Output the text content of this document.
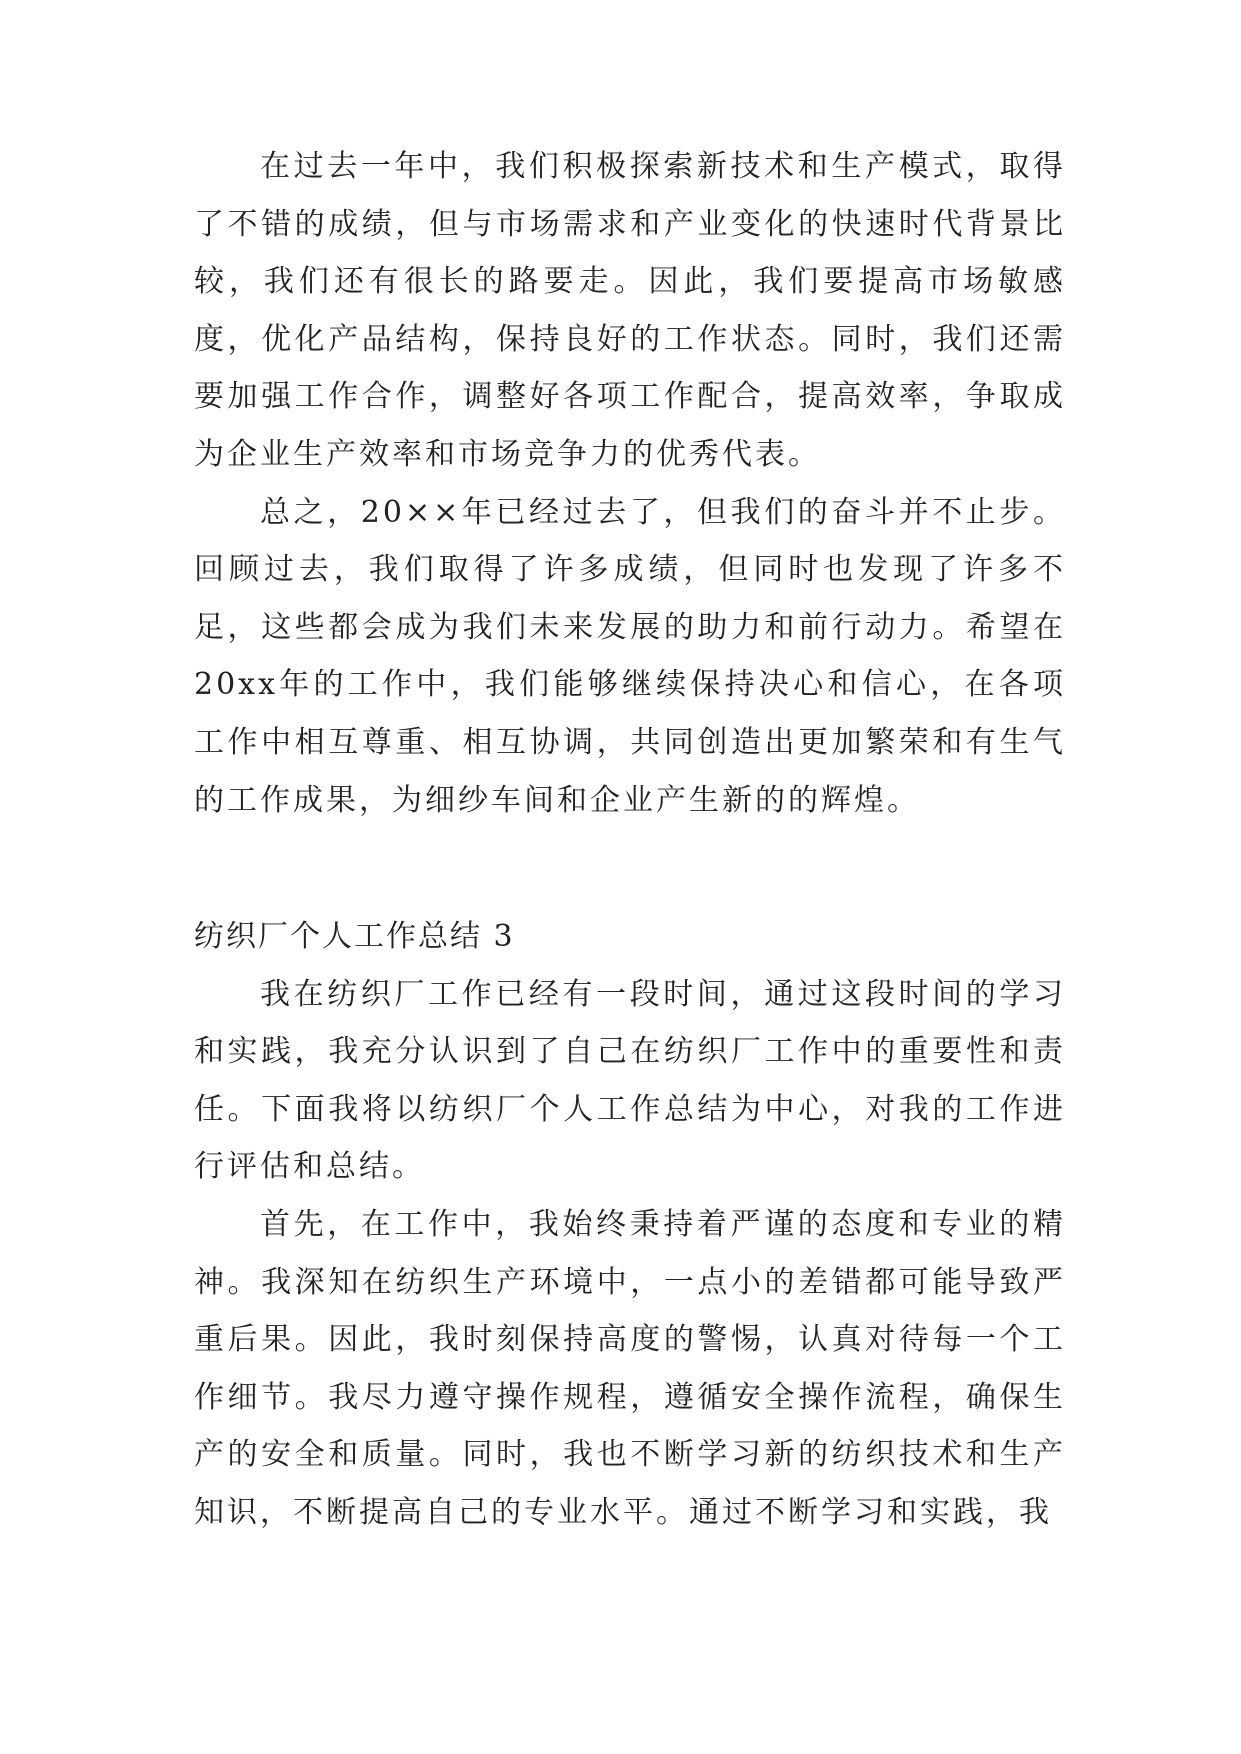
在过去一年中，我们积极探索新技术和生产模式，取得了不错的成绩，但与市场需求和产业变化的快速时代背景比较，我们还有很长的路要走。因此，我们要提高市场敏感度，优化产品结构，保持良好的工作状态。同时，我们还需要加强工作合作，调整好各项工作配合，提高效率，争取成为企业生产效率和市场竞争力的优秀代表。

总之，20××年已经过去了，但我们的奋斗并不止步。回顾过去，我们取得了许多成绩，但同时也发现了许多不足，这些都会成为我们未来发展的助力和前行动力。希望在20xx年的工作中，我们能够继续保持决心和信心，在各项工作中相互尊重、相互协调，共同创造出更加繁荣和有生气的工作成果，为细纱车间和企业产生新的的辉煌。

纺织厂个人工作总结 3

我在纺织厂工作已经有一段时间，通过这段时间的学习和实践，我充分认识到了自己在纺织厂工作中的重要性和责任。下面我将以纺织厂个人工作总结为中心，对我的工作进行评估和总结。

首先，在工作中，我始终秉持着严谨的态度和专业的精神。我深知在纺织生产环境中，一点小的差错都可能导致严重后果。因此，我时刻保持高度的警惕，认真对待每一个工作细节。我尽力遵守操作规程，遵循安全操作流程，确保生产的安全和质量。同时，我也不断学习新的纺织技术和生产知识，不断提高自己的专业水平。通过不断学习和实践，我
